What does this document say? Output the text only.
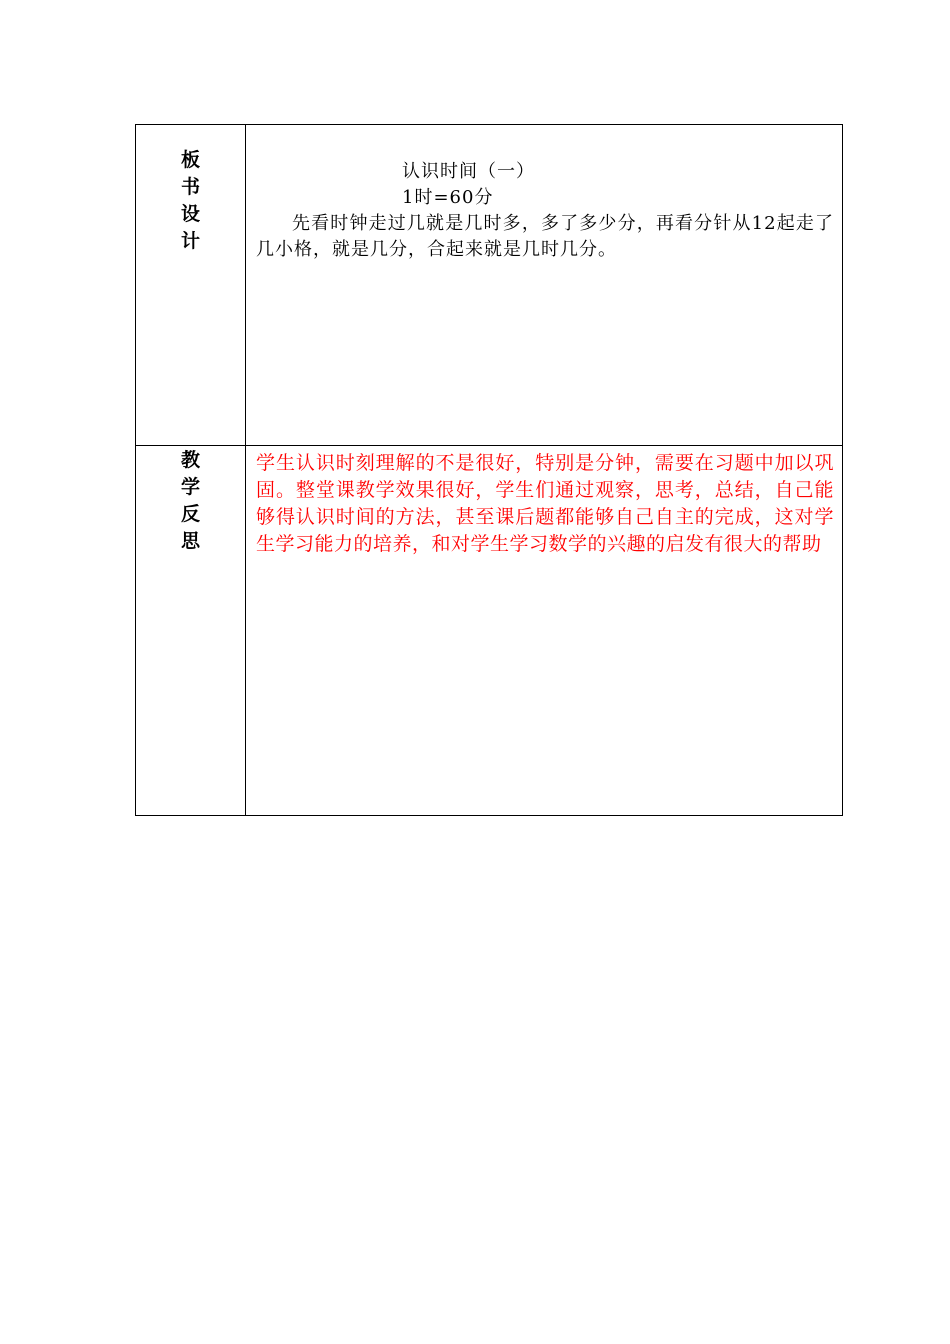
板
书
设
计
认识时间（一）
1时=60分

先看时钟走过几就是几时多，多了多少分，再看分针从12起走了几小格，就是几分，合起来就是几时几分。

教
学
反
思

学生认识时刻理解的不是很好，特别是分钟，需要在习题中加以巩固。整堂课教学效果很好，学生们通过观察，思考，总结，自己能够得认识时间的方法，甚至课后题都能够自己自主的完成，这对学生学习能力的培养，和对学生学习数学的兴趣的启发有很大的帮助
